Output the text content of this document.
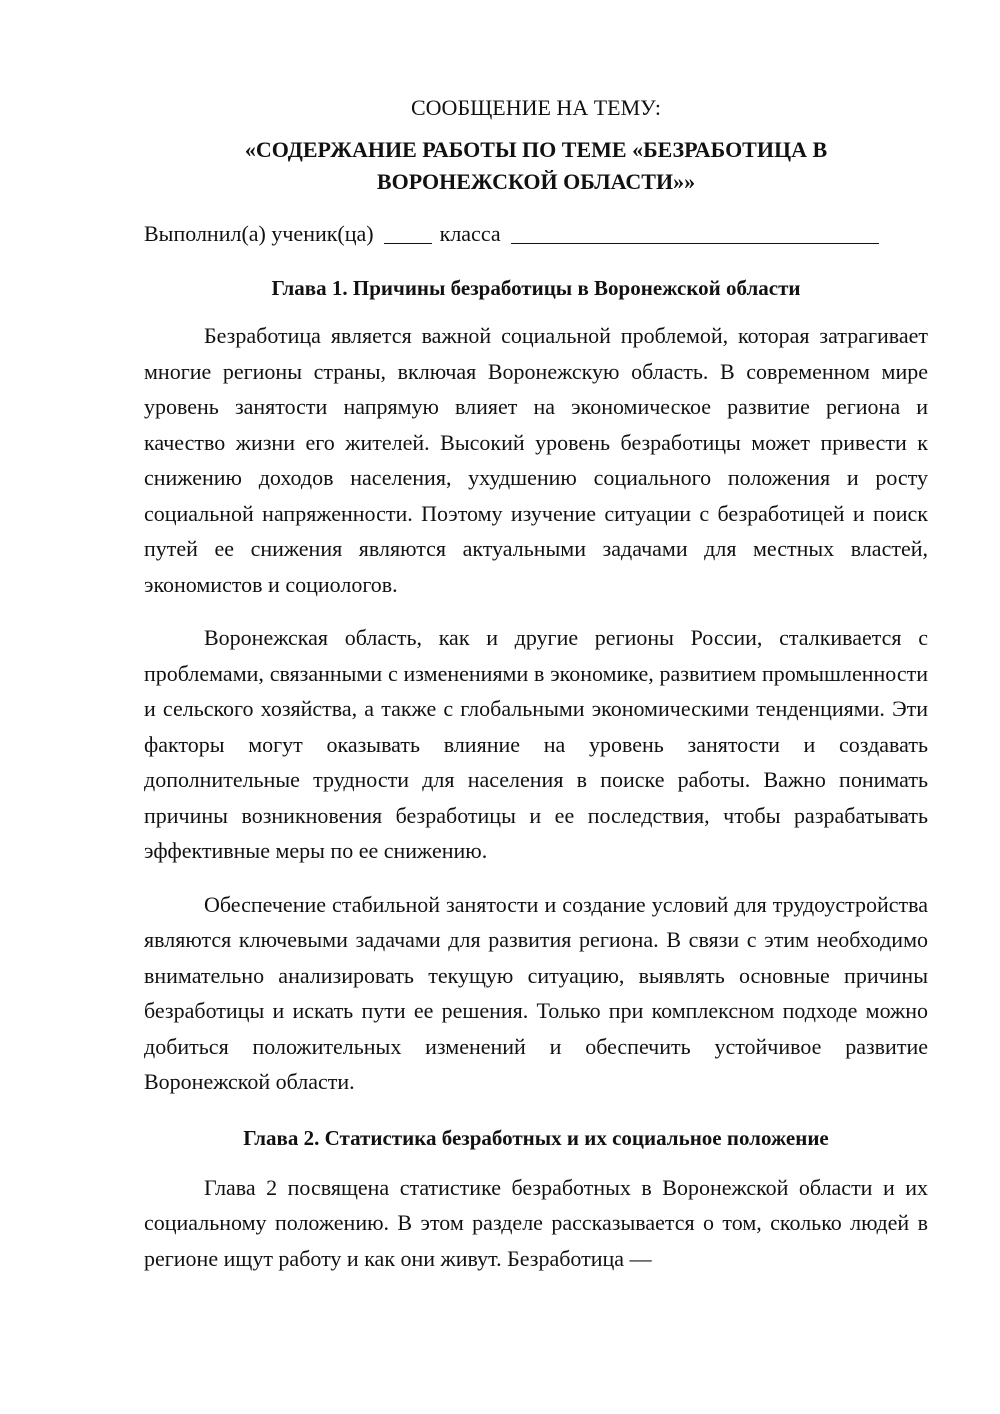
СООБЩЕНИЕ НА ТЕМУ:

«СОДЕРЖАНИЕ РАБОТЫ ПО ТЕМЕ «БЕЗРАБОТИЦА В
ВОРОНЕЖСКОЙ ОБЛАСТИ»»

Выполнил(а) ученик(ца)	класса

Глава 1. Причины безработицы в Воронежской области

Безработица является важной социальной проблемой, которая затрагивает многие регионы страны, включая Воронежскую область. В современном мире уровень занятости напрямую влияет на экономическое развитие региона и качество жизни его жителей. Высокий уровень безработицы может привести к снижению доходов населения, ухудшению социального положения и росту социальной напряженности. Поэтому изучение ситуации с безработицей и поиск путей ее снижения являются актуальными задачами для местных властей, экономистов и социологов.

Воронежская область, как и другие регионы России, сталкивается с проблемами, связанными с изменениями в экономике, развитием промышленности и сельского хозяйства, а также с глобальными экономическими тенденциями. Эти факторы могут оказывать влияние на уровень занятости и создавать дополнительные трудности для населения в поиске работы. Важно понимать причины возникновения безработицы и ее последствия, чтобы разрабатывать эффективные меры по ее снижению.

Обеспечение стабильной занятости и создание условий для трудоустройства являются ключевыми задачами для развития региона. В связи с этим необходимо внимательно анализировать текущую ситуацию, выявлять основные причины безработицы и искать пути ее решения. Только при комплексном подходе можно добиться положительных изменений и обеспечить устойчивое развитие Воронежской области.

Глава 2. Статистика безработных и их социальное положение

Глава 2 посвящена статистике безработных в Воронежской области и их социальному положению. В этом разделе рассказывается о том, сколько людей в регионе ищут работу и как они живут. Безработица —
